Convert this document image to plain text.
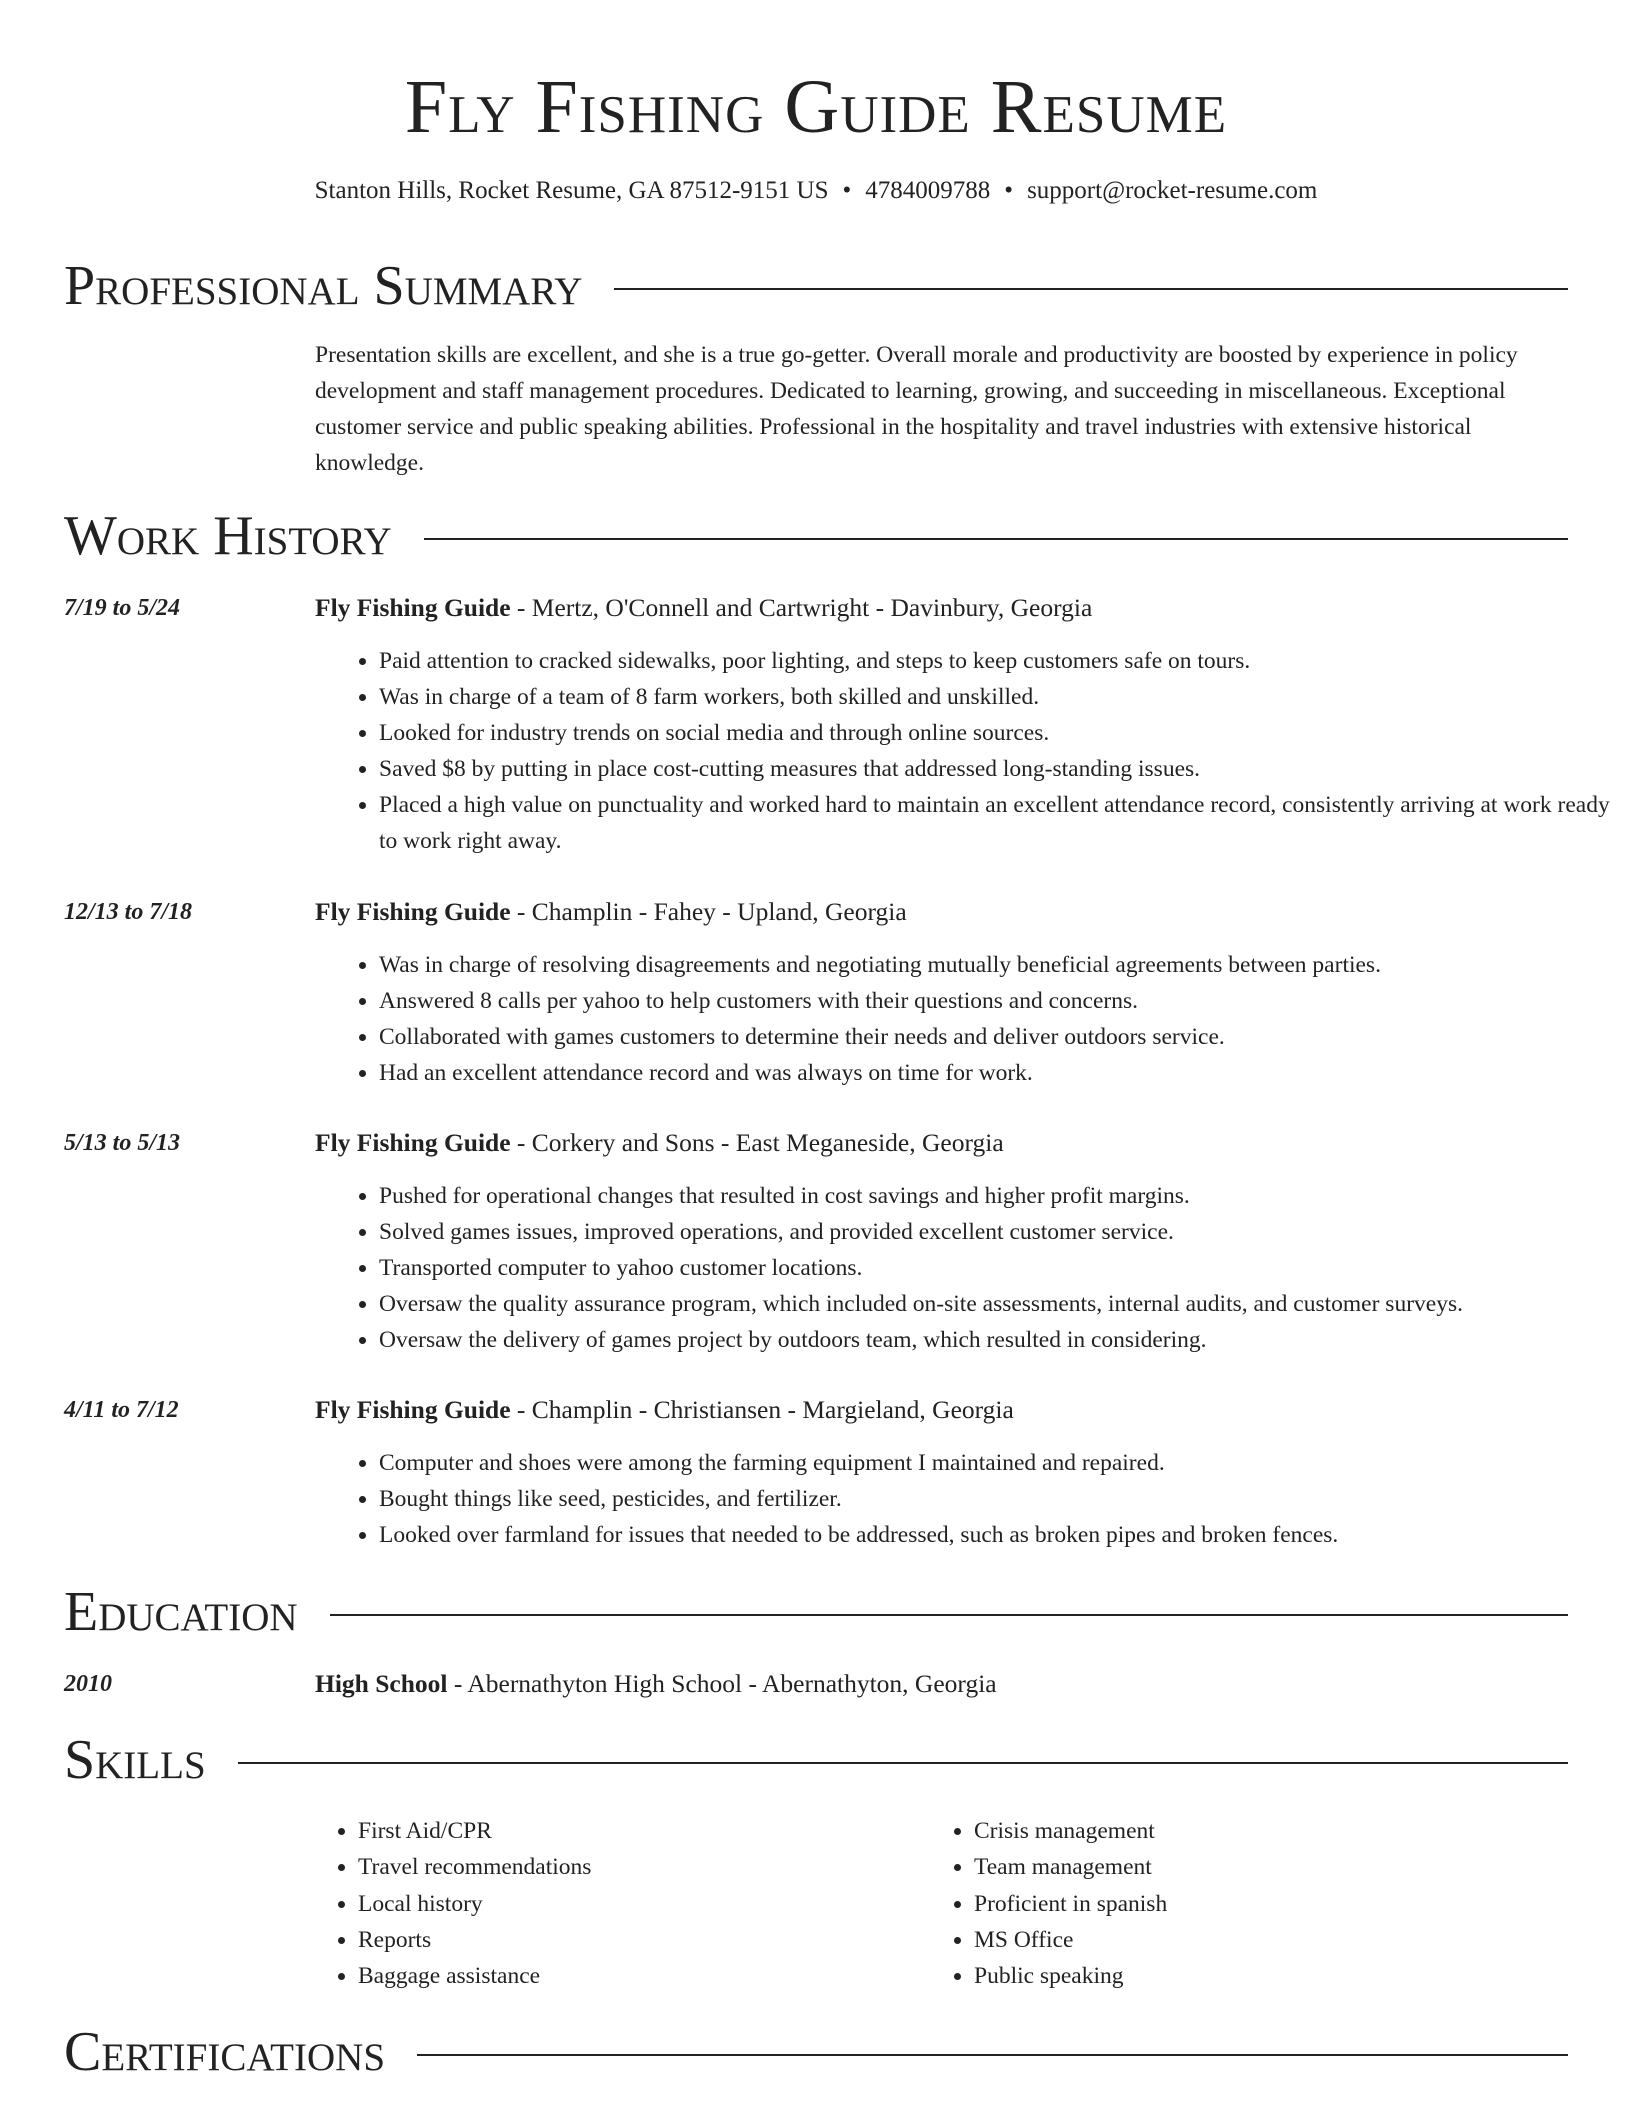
Fly Fishing Guide Resume
Stanton Hills, Rocket Resume, GA 87512-9151 US • 4784009788 • support@rocket-resume.com
Professional Summary

Presentation skills are excellent, and she is a true go-getter. Overall morale and productivity are boosted by experience in policy development and staff management procedures. Dedicated to learning, growing, and succeeding in miscellaneous. Exceptional customer service and public speaking abilities. Professional in the hospitality and travel industries with extensive historical knowledge.

Work History
7/19 to 5/24	Fly Fishing Guide - Mertz, O'Connell and Cartwright - Davinbury, Georgia
• Paid attention to cracked sidewalks, poor lighting, and steps to keep customers safe on tours.
• Was in charge of a team of 8 farm workers, both skilled and unskilled.
• Looked for industry trends on social media and through online sources.
• Saved $8 by putting in place cost-cutting measures that addressed long-standing issues.
• Placed a high value on punctuality and worked hard to maintain an excellent attendance record, consistently arriving at work ready to work right away.
12/13 to 7/18	Fly Fishing Guide - Champlin - Fahey - Upland, Georgia
• Was in charge of resolving disagreements and negotiating mutually beneficial agreements between parties.
• Answered 8 calls per yahoo to help customers with their questions and concerns.
• Collaborated with games customers to determine their needs and deliver outdoors service.
• Had an excellent attendance record and was always on time for work.
5/13 to 5/13	Fly Fishing Guide - Corkery and Sons - East Meganeside, Georgia
• Pushed for operational changes that resulted in cost savings and higher profit margins.
• Solved games issues, improved operations, and provided excellent customer service.
• Transported computer to yahoo customer locations.
• Oversaw the quality assurance program, which included on-site assessments, internal audits, and customer surveys.
• Oversaw the delivery of games project by outdoors team, which resulted in considering.
4/11 to 7/12	Fly Fishing Guide - Champlin - Christiansen - Margieland, Georgia
• Computer and shoes were among the farming equipment I maintained and repaired.
• Bought things like seed, pesticides, and fertilizer.
• Looked over farmland for issues that needed to be addressed, such as broken pipes and broken fences.
Education
2010	High School - Abernathyton High School - Abernathyton, Georgia
Skills
• First Aid/CPR
• Travel recommendations
• Local history
• Reports
• Baggage assistance
• Crisis management
• Team management
• Proficient in spanish
• MS Office
• Public speaking
Certifications
